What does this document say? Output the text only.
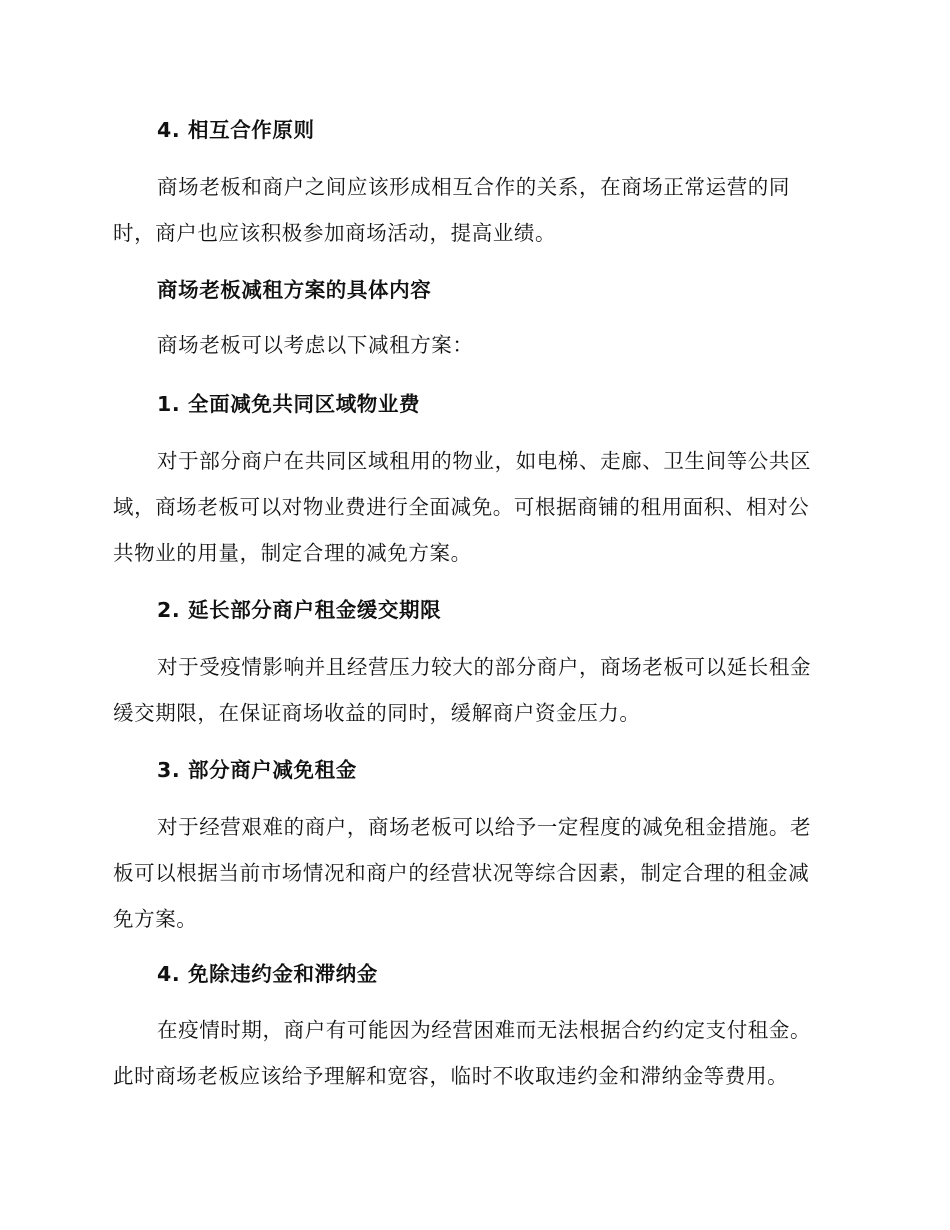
4. 相互合作原则

商场老板和商户之间应该形成相互合作的关系，在商场正常运营的同
时，商户也应该积极参加商场活动，提高业绩。

商场老板减租方案的具体内容

商场老板可以考虑以下减租方案：

1. 全面减免共同区域物业费

对于部分商户在共同区域租用的物业，如电梯、走廊、卫生间等公共区
域，商场老板可以对物业费进行全面减免。可根据商铺的租用面积、相对公
共物业的用量，制定合理的减免方案。

2. 延长部分商户租金缓交期限

对于受疫情影响并且经营压力较大的部分商户，商场老板可以延长租金
缓交期限，在保证商场收益的同时，缓解商户资金压力。

3. 部分商户减免租金

对于经营艰难的商户，商场老板可以给予一定程度的减免租金措施。老
板可以根据当前市场情况和商户的经营状况等综合因素，制定合理的租金减
免方案。

4. 免除违约金和滞纳金

在疫情时期，商户有可能因为经营困难而无法根据合约约定支付租金。
此时商场老板应该给予理解和宽容，临时不收取违约金和滞纳金等费用。
